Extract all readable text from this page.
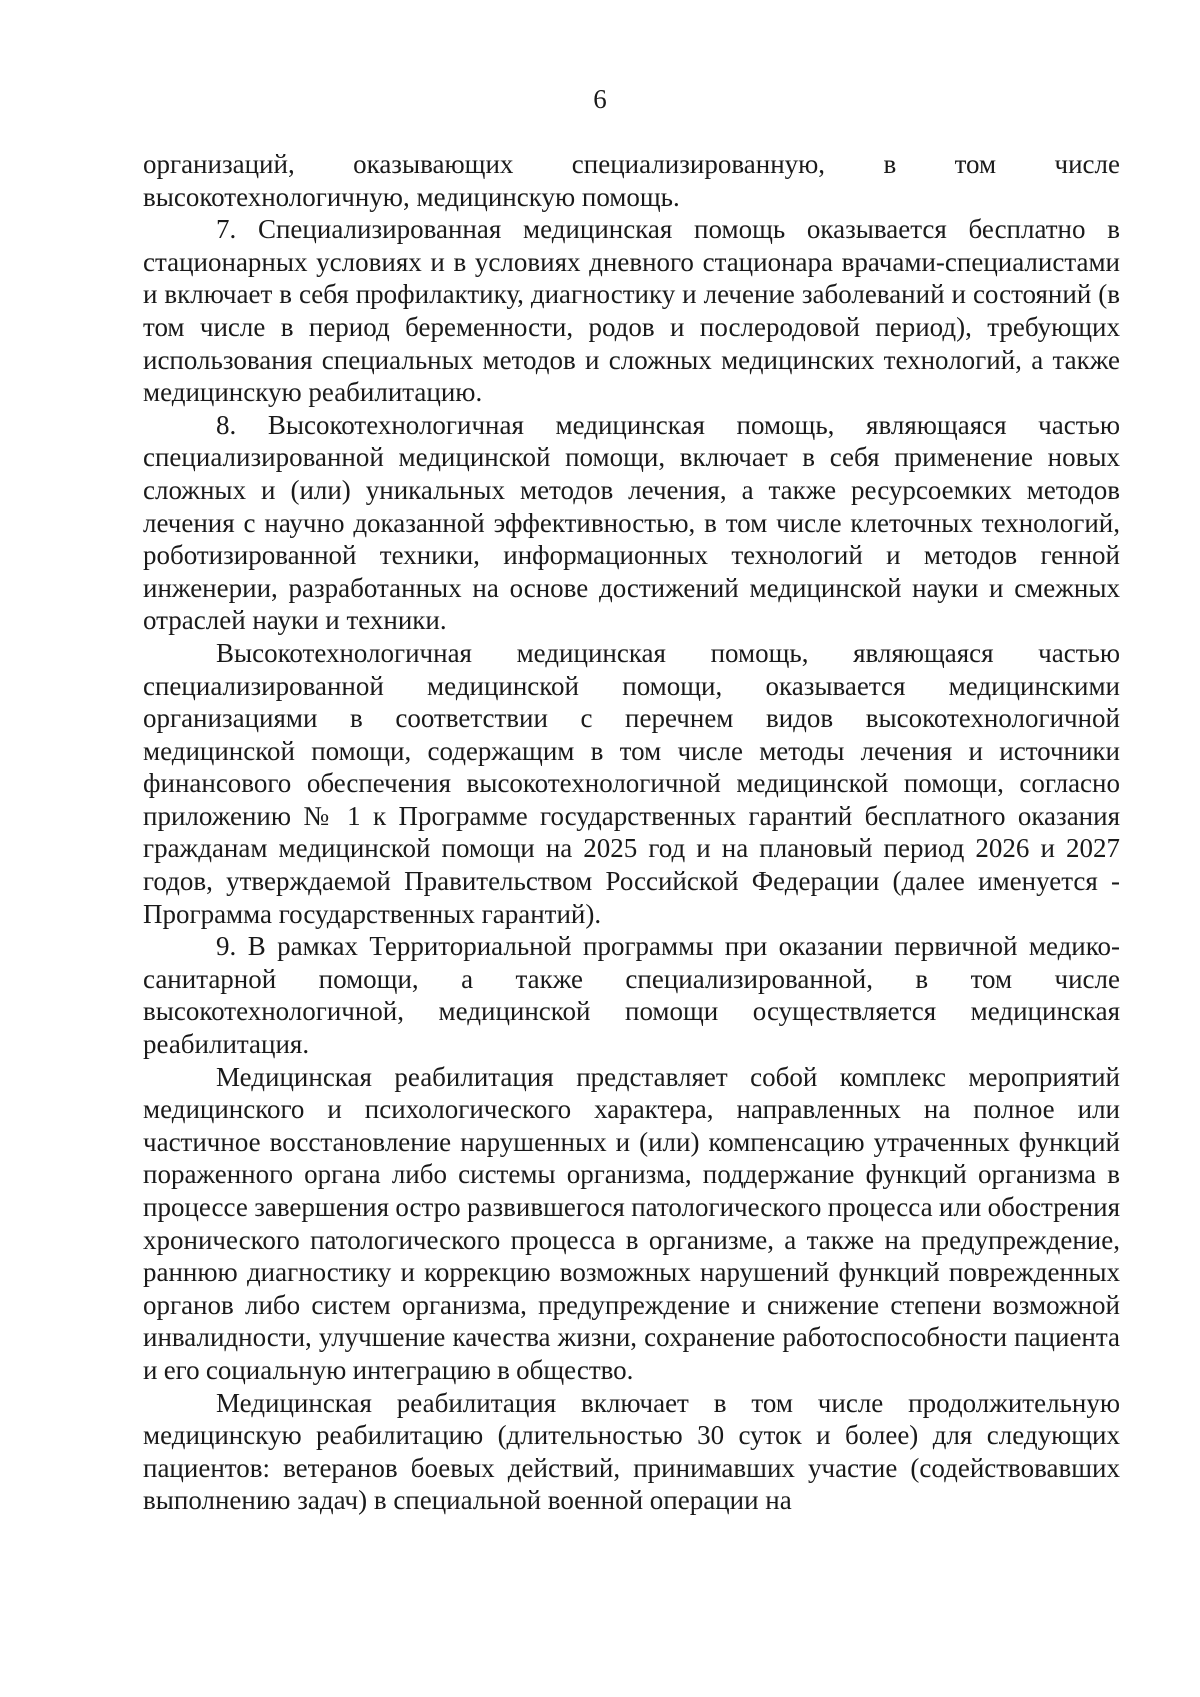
6

организаций, оказывающих специализированную, в том числе высокотехнологичную, медицинскую помощь.

7. Специализированная медицинская помощь оказывается бесплатно в стационарных условиях и в условиях дневного стационара врачами-специалистами и включает в себя профилактику, диагностику и лечение заболеваний и состояний (в том числе в период беременности, родов и послеродовой период), требующих использования специальных методов и сложных медицинских технологий, а также медицинскую реабилитацию.

8. Высокотехнологичная медицинская помощь, являющаяся частью специализированной медицинской помощи, включает в себя применение новых сложных и (или) уникальных методов лечения, а также ресурсоемких методов лечения с научно доказанной эффективностью, в том числе клеточных технологий, роботизированной техники, информационных технологий и методов генной инженерии, разработанных на основе достижений медицинской науки и смежных отраслей науки и техники.

Высокотехнологичная медицинская помощь, являющаяся частью специализированной медицинской помощи, оказывается медицинскими организациями в соответствии с перечнем видов высокотехнологичной медицинской помощи, содержащим в том числе методы лечения и источники финансового обеспечения высокотехнологичной медицинской помощи, согласно приложению № 1 к Программе государственных гарантий бесплатного оказания гражданам медицинской помощи на 2025 год и на плановый период 2026 и 2027 годов, утверждаемой Правительством Российской Федерации (далее именуется - Программа государственных гарантий).

9. В рамках Территориальной программы при оказании первичной медико-санитарной помощи, а также специализированной, в том числе высокотехнологичной, медицинской помощи осуществляется медицинская реабилитация.

Медицинская реабилитация представляет собой комплекс мероприятий медицинского и психологического характера, направленных на полное или частичное восстановление нарушенных и (или) компенсацию утраченных функций пораженного органа либо системы организма, поддержание функций организма в процессе завершения остро развившегося патологического процесса или обострения хронического патологического процесса в организме, а также на предупреждение, раннюю диагностику и коррекцию возможных нарушений функций поврежденных органов либо систем организма, предупреждение и снижение степени возможной инвалидности, улучшение качества жизни, сохранение работоспособности пациента и его социальную интеграцию в общество.

Медицинская реабилитация включает в том числе продолжительную медицинскую реабилитацию (длительностью 30 суток и более) для следующих пациентов: ветеранов боевых действий, принимавших участие (содействовавших выполнению задач) в специальной военной операции на
